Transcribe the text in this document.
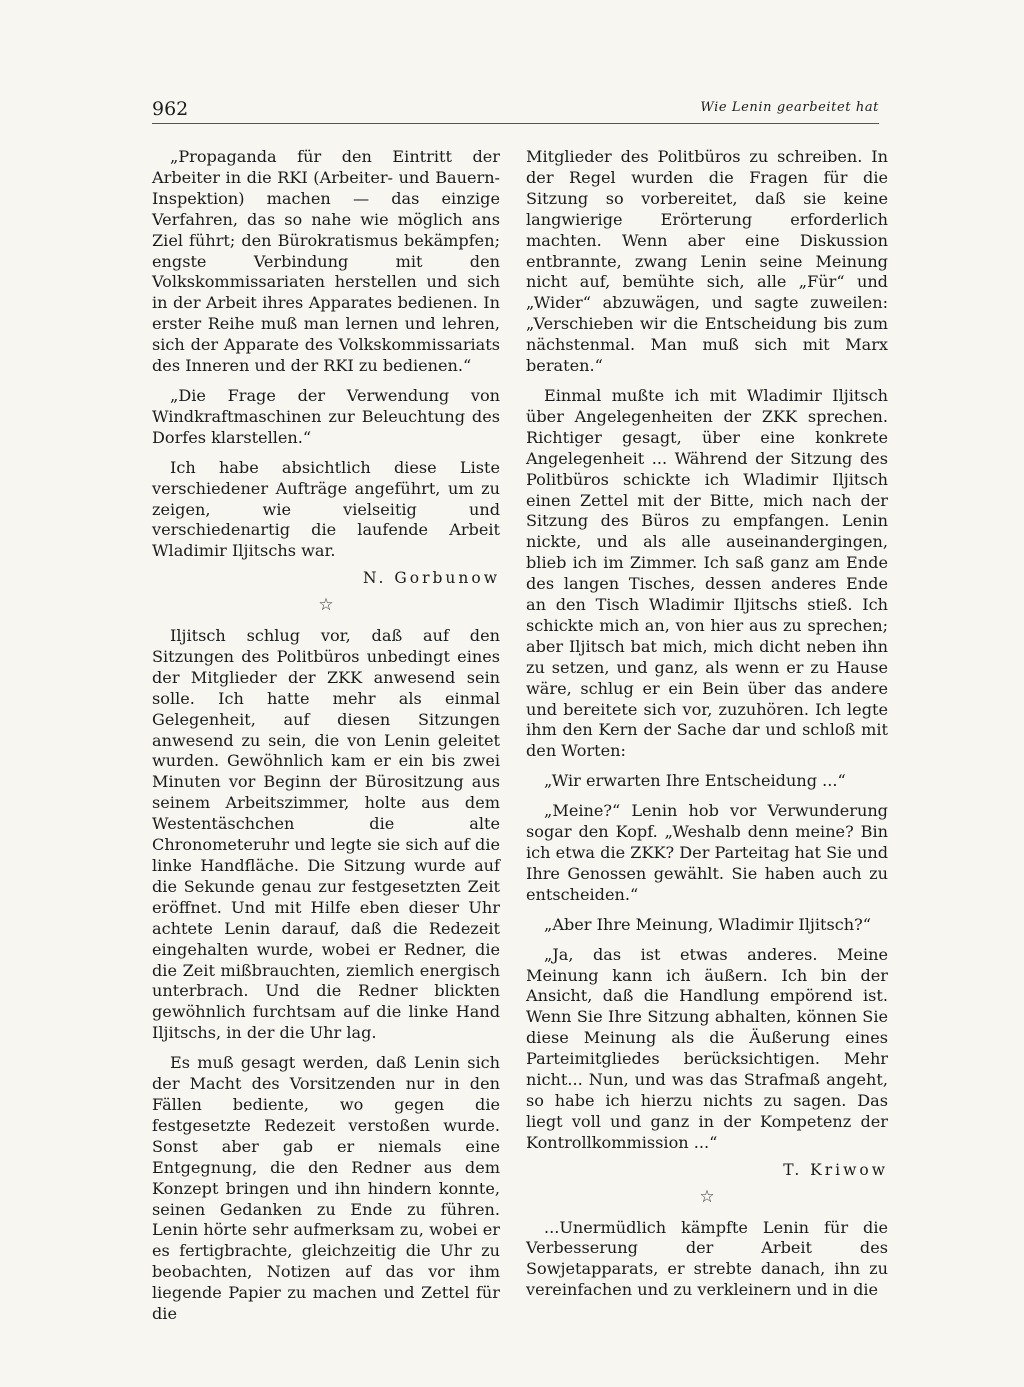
962	Wie Lenin gearbeitet hat

„Propaganda für den Eintritt der Arbeiter in die RKI (Arbeiter- und Bauern-Inspektion) machen — das einzige Verfahren, das so nahe wie möglich ans Ziel führt; den Bürokratismus bekämpfen; engste Verbindung mit den Volkskommissariaten herstellen und sich in der Arbeit ihres Apparates bedienen. In erster Reihe muß man lernen und lehren, sich der Apparate des Volkskommissariats des Inneren und der RKI zu bedienen.“

„Die Frage der Verwendung von Windkraftmaschinen zur Beleuchtung des Dorfes klarstellen.“

Ich habe absichtlich diese Liste verschiedener Aufträge angeführt, um zu zeigen, wie vielseitig und verschiedenartig die laufende Arbeit Wladimir Iljitschs war.

N. Gorbunow
☆

Iljitsch schlug vor, daß auf den Sitzungen des Politbüros unbedingt eines der Mitglieder der ZKK anwesend sein solle. Ich hatte mehr als einmal Gelegenheit, auf diesen Sitzungen anwesend zu sein, die von Lenin geleitet wurden. Gewöhnlich kam er ein bis zwei Minuten vor Beginn der Bürositzung aus seinem Arbeitszimmer, holte aus dem Westentäschchen die alte Chronometeruhr und legte sie sich auf die linke Handfläche. Die Sitzung wurde auf die Sekunde genau zur festgesetzten Zeit eröffnet. Und mit Hilfe eben dieser Uhr achtete Lenin darauf, daß die Redezeit eingehalten wurde, wobei er Redner, die die Zeit mißbrauchten, ziemlich energisch unterbrach. Und die Redner blickten gewöhnlich furchtsam auf die linke Hand Iljitschs, in der die Uhr lag.

Es muß gesagt werden, daß Lenin sich der Macht des Vorsitzenden nur in den Fällen bediente, wo gegen die festgesetzte Redezeit verstoßen wurde. Sonst aber gab er niemals eine Entgegnung, die den Redner aus dem Konzept bringen und ihn hindern konnte, seinen Gedanken zu Ende zu führen. Lenin hörte sehr aufmerksam zu, wobei er es fertigbrachte, gleichzeitig die Uhr zu beobachten, Notizen auf das vor ihm liegende Papier zu machen und Zettel für die

Mitglieder des Politbüros zu schreiben. In der Regel wurden die Fragen für die Sitzung so vorbereitet, daß sie keine langwierige Erörterung erforderlich machten. Wenn aber eine Diskussion entbrannte, zwang Lenin seine Meinung nicht auf, bemühte sich, alle „Für“ und „Wider“ abzuwägen, und sagte zuweilen: „Verschieben wir die Entscheidung bis zum nächstenmal. Man muß sich mit Marx beraten.“

Einmal mußte ich mit Wladimir Iljitsch über Angelegenheiten der ZKK sprechen. Richtiger gesagt, über eine konkrete Angelegenheit ... Während der Sitzung des Politbüros schickte ich Wladimir Iljitsch einen Zettel mit der Bitte, mich nach der Sitzung des Büros zu empfangen. Lenin nickte, und als alle auseinandergingen, blieb ich im Zimmer. Ich saß ganz am Ende des langen Tisches, dessen anderes Ende an den Tisch Wladimir Iljitschs stieß. Ich schickte mich an, von hier aus zu sprechen; aber Iljitsch bat mich, mich dicht neben ihn zu setzen, und ganz, als wenn er zu Hause wäre, schlug er ein Bein über das andere und bereitete sich vor, zuzuhören. Ich legte ihm den Kern der Sache dar und schloß mit den Worten:

„Wir erwarten Ihre Entscheidung ...“

„Meine?“ Lenin hob vor Verwunderung sogar den Kopf. „Weshalb denn meine? Bin ich etwa die ZKK? Der Parteitag hat Sie und Ihre Genossen gewählt. Sie haben auch zu entscheiden.“

„Aber Ihre Meinung, Wladimir Iljitsch?“

„Ja, das ist etwas anderes. Meine Meinung kann ich äußern. Ich bin der Ansicht, daß die Handlung empörend ist. Wenn Sie Ihre Sitzung abhalten, können Sie diese Meinung als die Äußerung eines Parteimitgliedes berücksichtigen. Mehr nicht... Nun, und was das Strafmaß angeht, so habe ich hierzu nichts zu sagen. Das liegt voll und ganz in der Kompetenz der Kontrollkommission ...“

T. Kriwow
☆

...Unermüdlich kämpfte Lenin für die Verbesserung der Arbeit des Sowjetapparats, er strebte danach, ihn zu vereinfachen und zu verkleinern und in die
